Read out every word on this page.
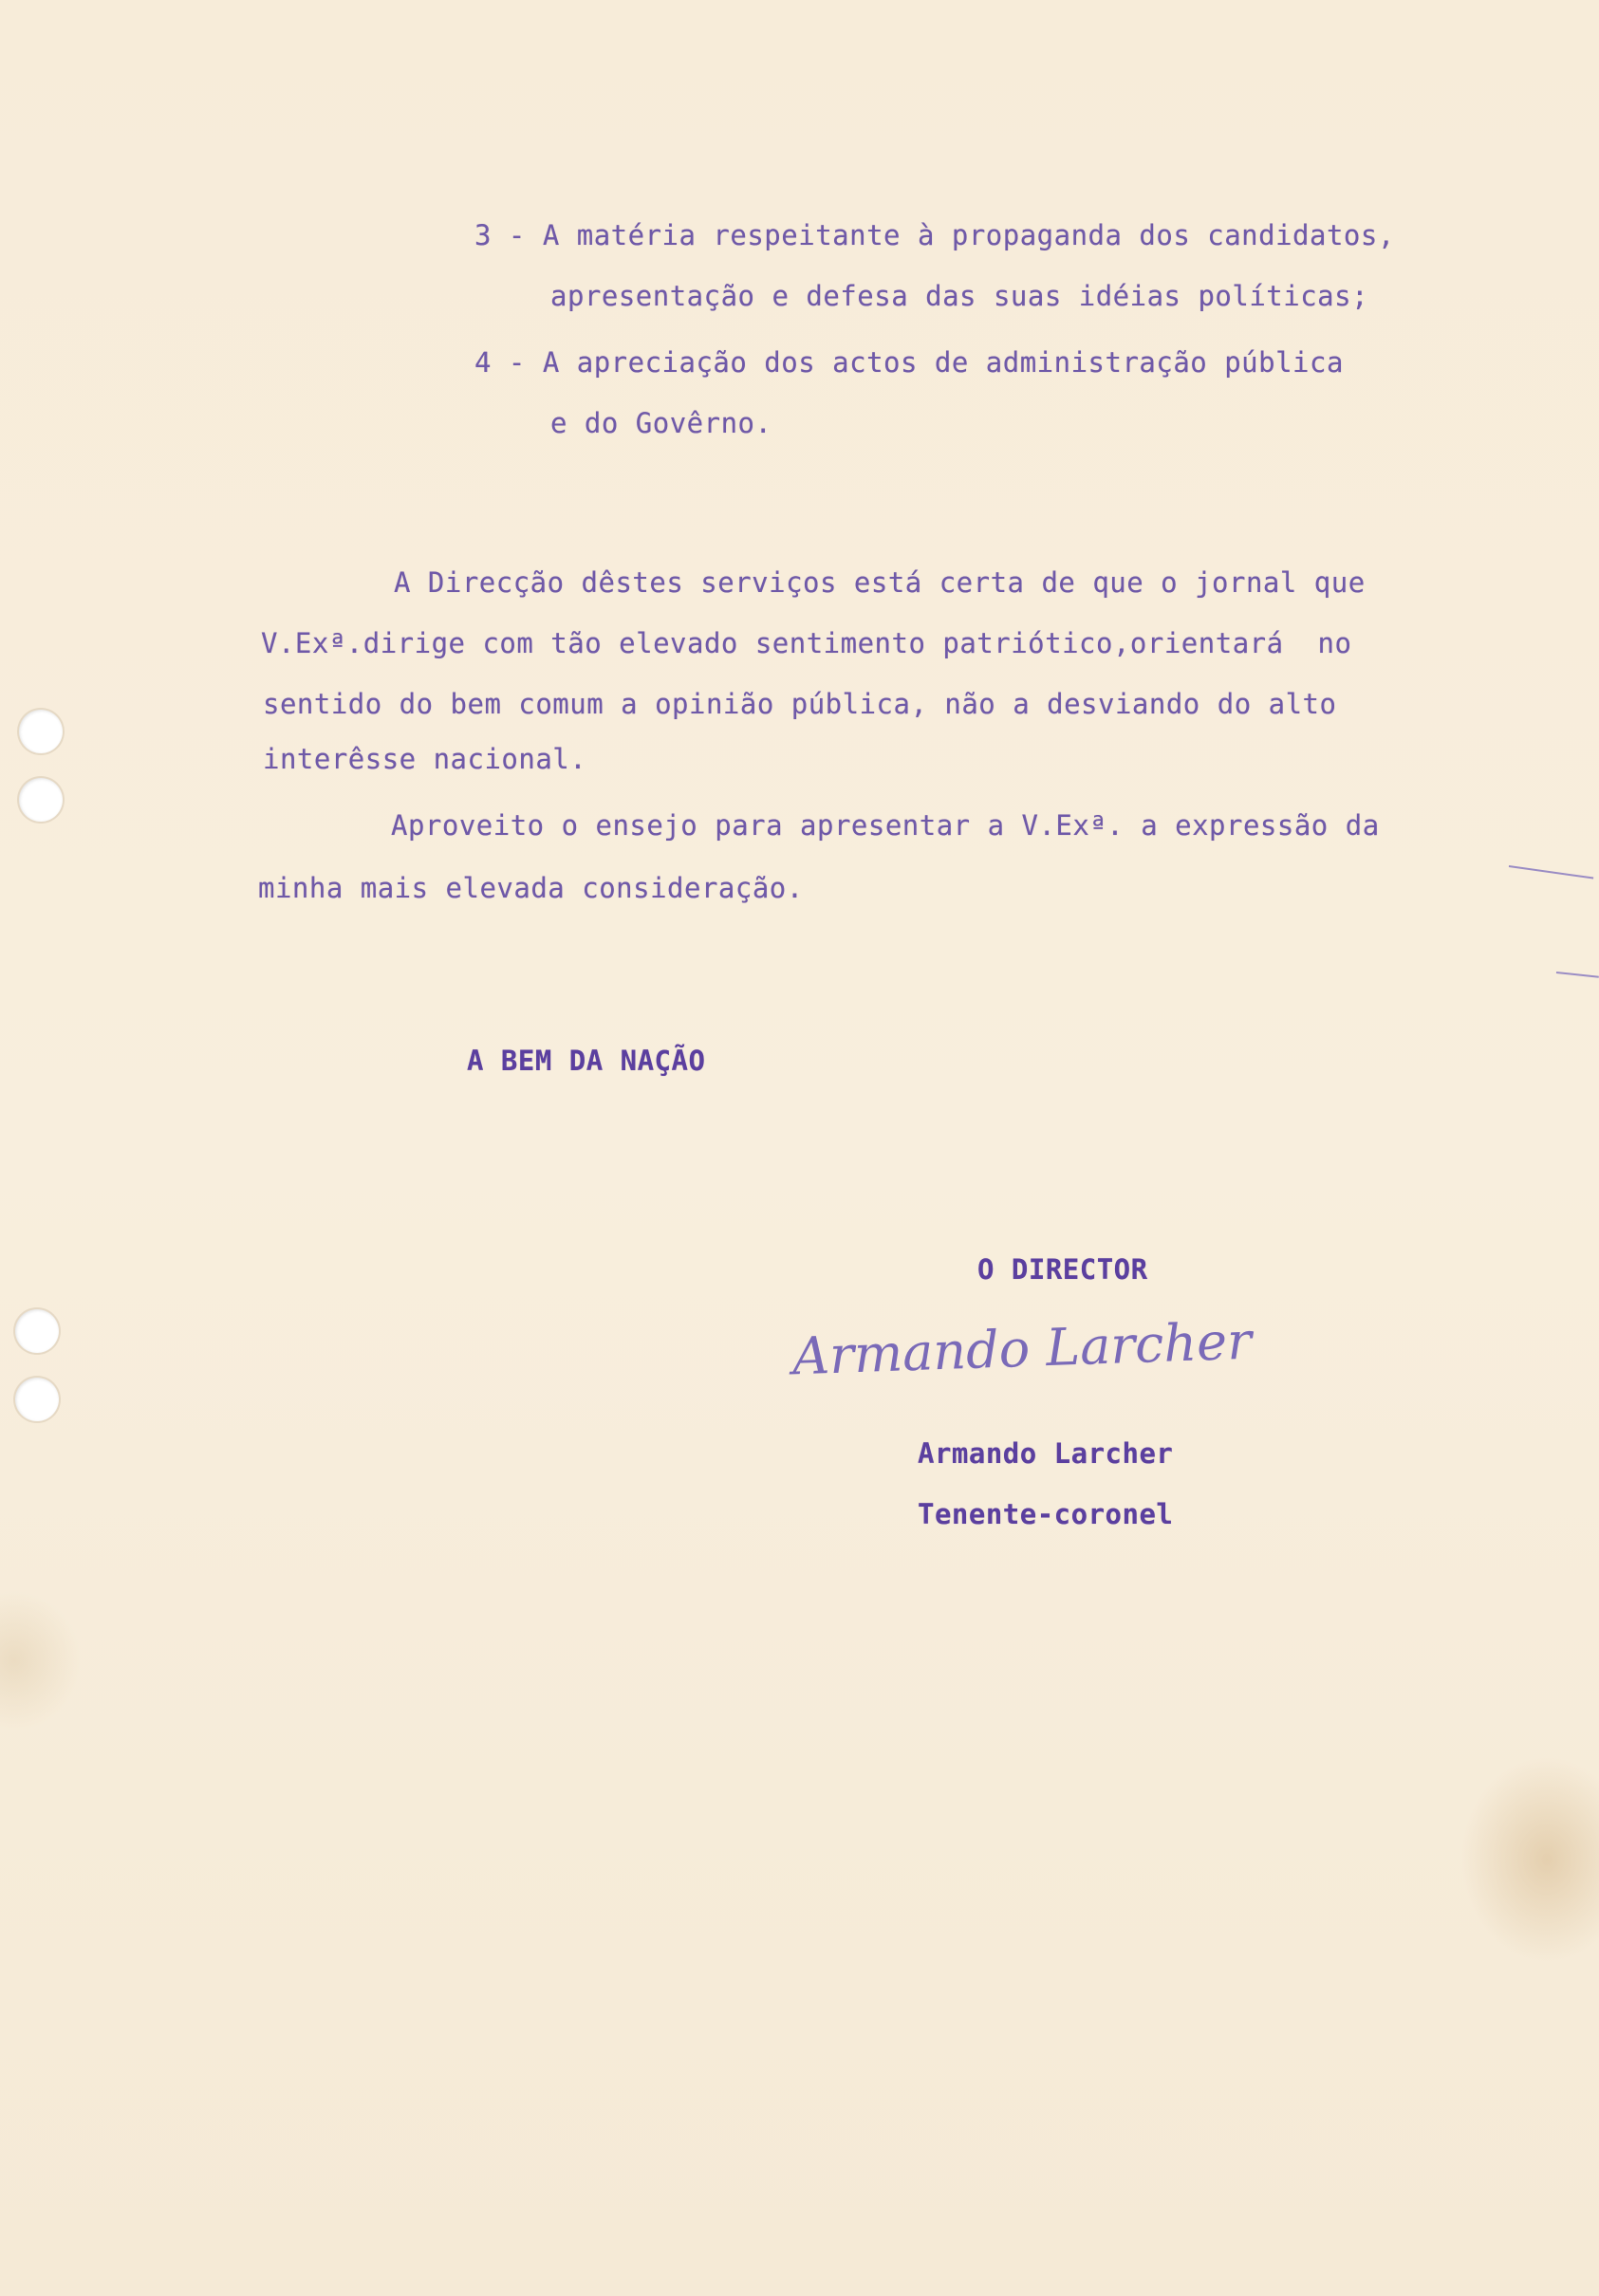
3 - A matéria respeitante à propaganda dos candidatos,
apresentação e defesa das suas idéias políticas;
4 - A apreciação dos actos de administração pública
e do Govêrno.
A Direcção dêstes serviços está certa de que o jornal que
V.Exª.dirige com tão elevado sentimento patriótico,orientará  no
sentido do bem comum a opinião pública, não a desviando do alto
interêsse nacional.
Aproveito o ensejo para apresentar a V.Exª. a expressão da
minha mais elevada consideração.
A BEM DA NAÇÃO
O DIRECTOR
Armando Larcher
Armando Larcher
Tenente-coronel
